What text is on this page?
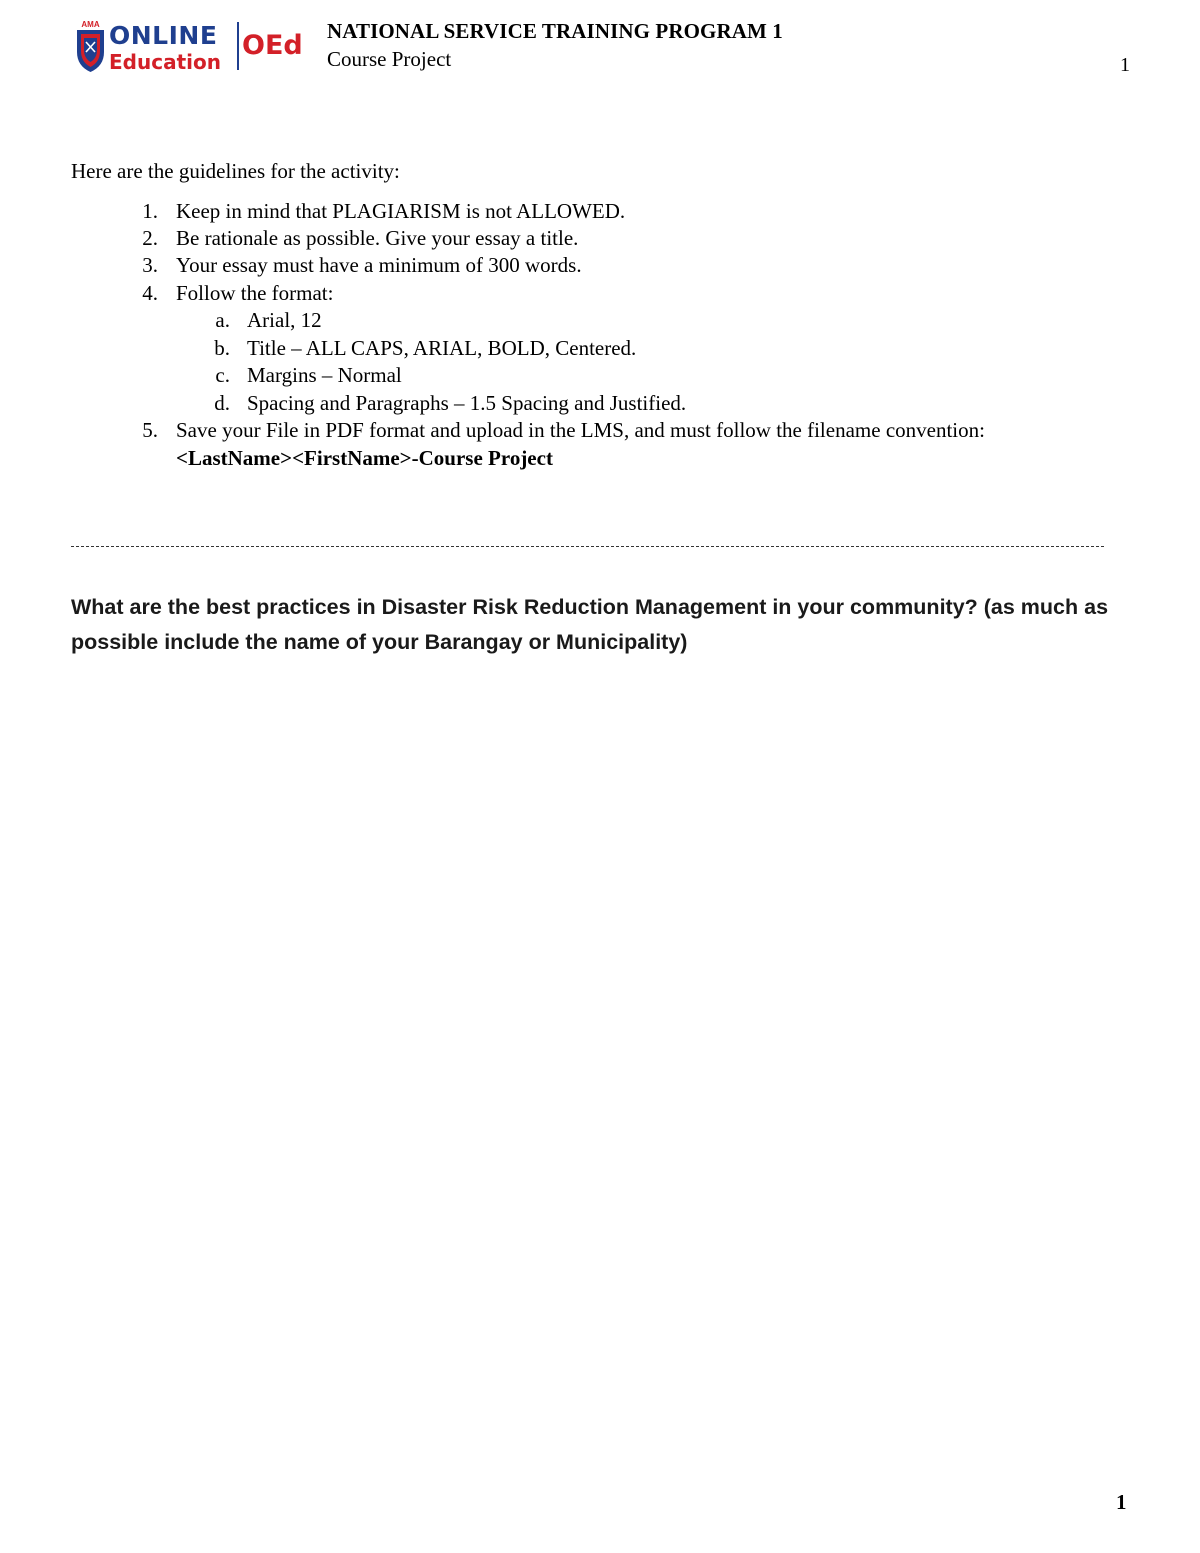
AMA ONLINE
Education
OEd NATIONAL SERVICE TRAINING PROGRAM 1
Course Project	1
Here are the guidelines for the activity:
1. Keep in mind that PLAGIARISM is not ALLOWED.
2. Be rationale as possible. Give your essay a title.
3. Your essay must have a minimum of 300 words.
4. Follow the format:
a. Arial, 12
b. Title – ALL CAPS, ARIAL, BOLD, Centered.
c. Margins – Normal
d. Spacing and Paragraphs – 1.5 Spacing and Justified.
5. Save your File in PDF format and upload in the LMS, and must follow the filename convention:
<LastName><FirstName>-Course Project
What are the best practices in Disaster Risk Reduction Management in your community? (as much as possible include the name of your Barangay or Municipality)
1
